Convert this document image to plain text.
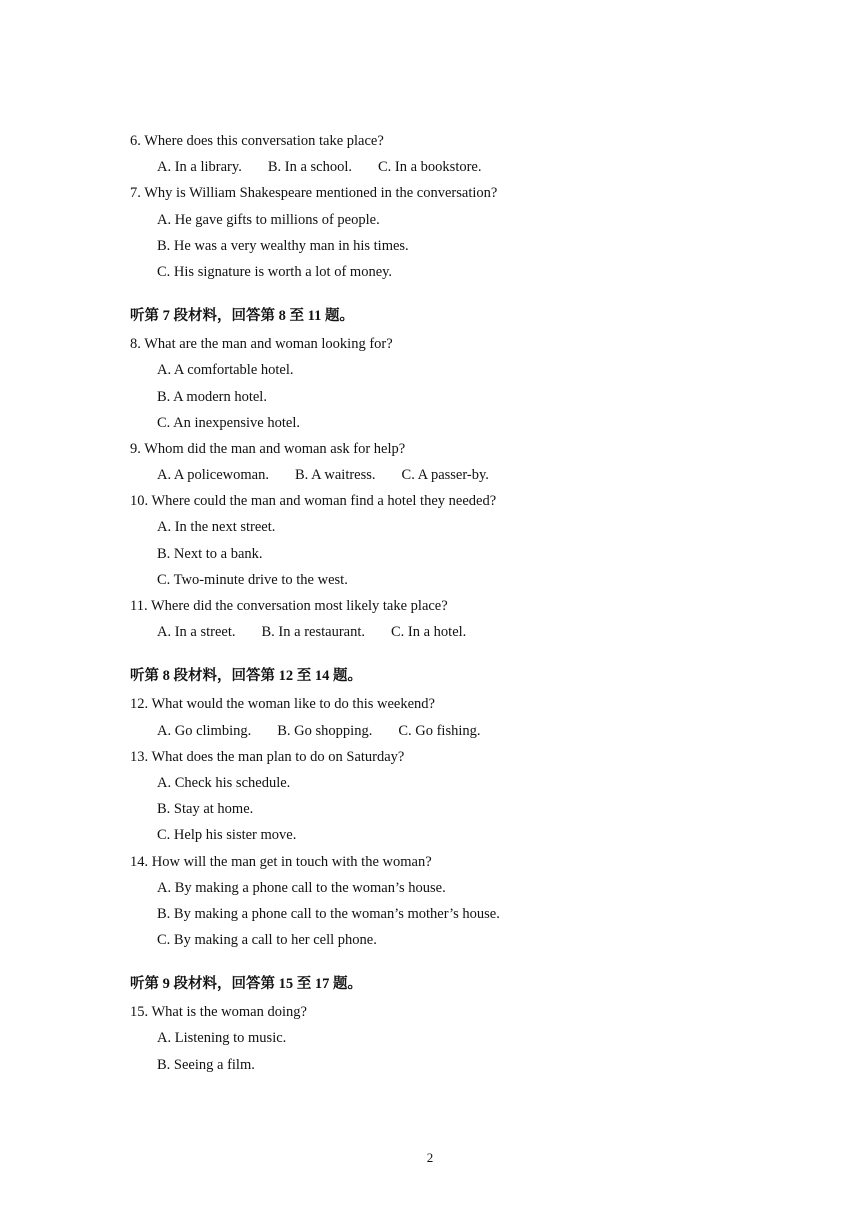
6. Where does this conversation take place?
A. In a library. B. In a school. C. In a bookstore.
7. Why is William Shakespeare mentioned in the conversation?
A. He gave gifts to millions of people.
B. He was a very wealthy man in his times.
C. His signature is worth a lot of money.
听第 7 段材料，回答第 8 至 11 题。
8. What are the man and woman looking for?
A. A comfortable hotel.
B. A modern hotel.
C. An inexpensive hotel.
9. Whom did the man and woman ask for help?
A. A policewoman. B. A waitress. C. A passer-by.
10. Where could the man and woman find a hotel they needed?
A. In the next street.
B. Next to a bank.
C. Two-minute drive to the west.
11. Where did the conversation most likely take place?
A. In a street. B. In a restaurant. C. In a hotel.
听第 8 段材料，回答第 12 至 14 题。
12. What would the woman like to do this weekend?
A. Go climbing. B. Go shopping. C. Go fishing.
13. What does the man plan to do on Saturday?
A. Check his schedule.
B. Stay at home.
C. Help his sister move.
14. How will the man get in touch with the woman?
A. By making a phone call to the woman’s house.
B. By making a phone call to the woman’s mother’s house.
C. By making a call to her cell phone.
听第 9 段材料，回答第 15 至 17 题。
15. What is the woman doing?
A. Listening to music.
B. Seeing a film.
2
